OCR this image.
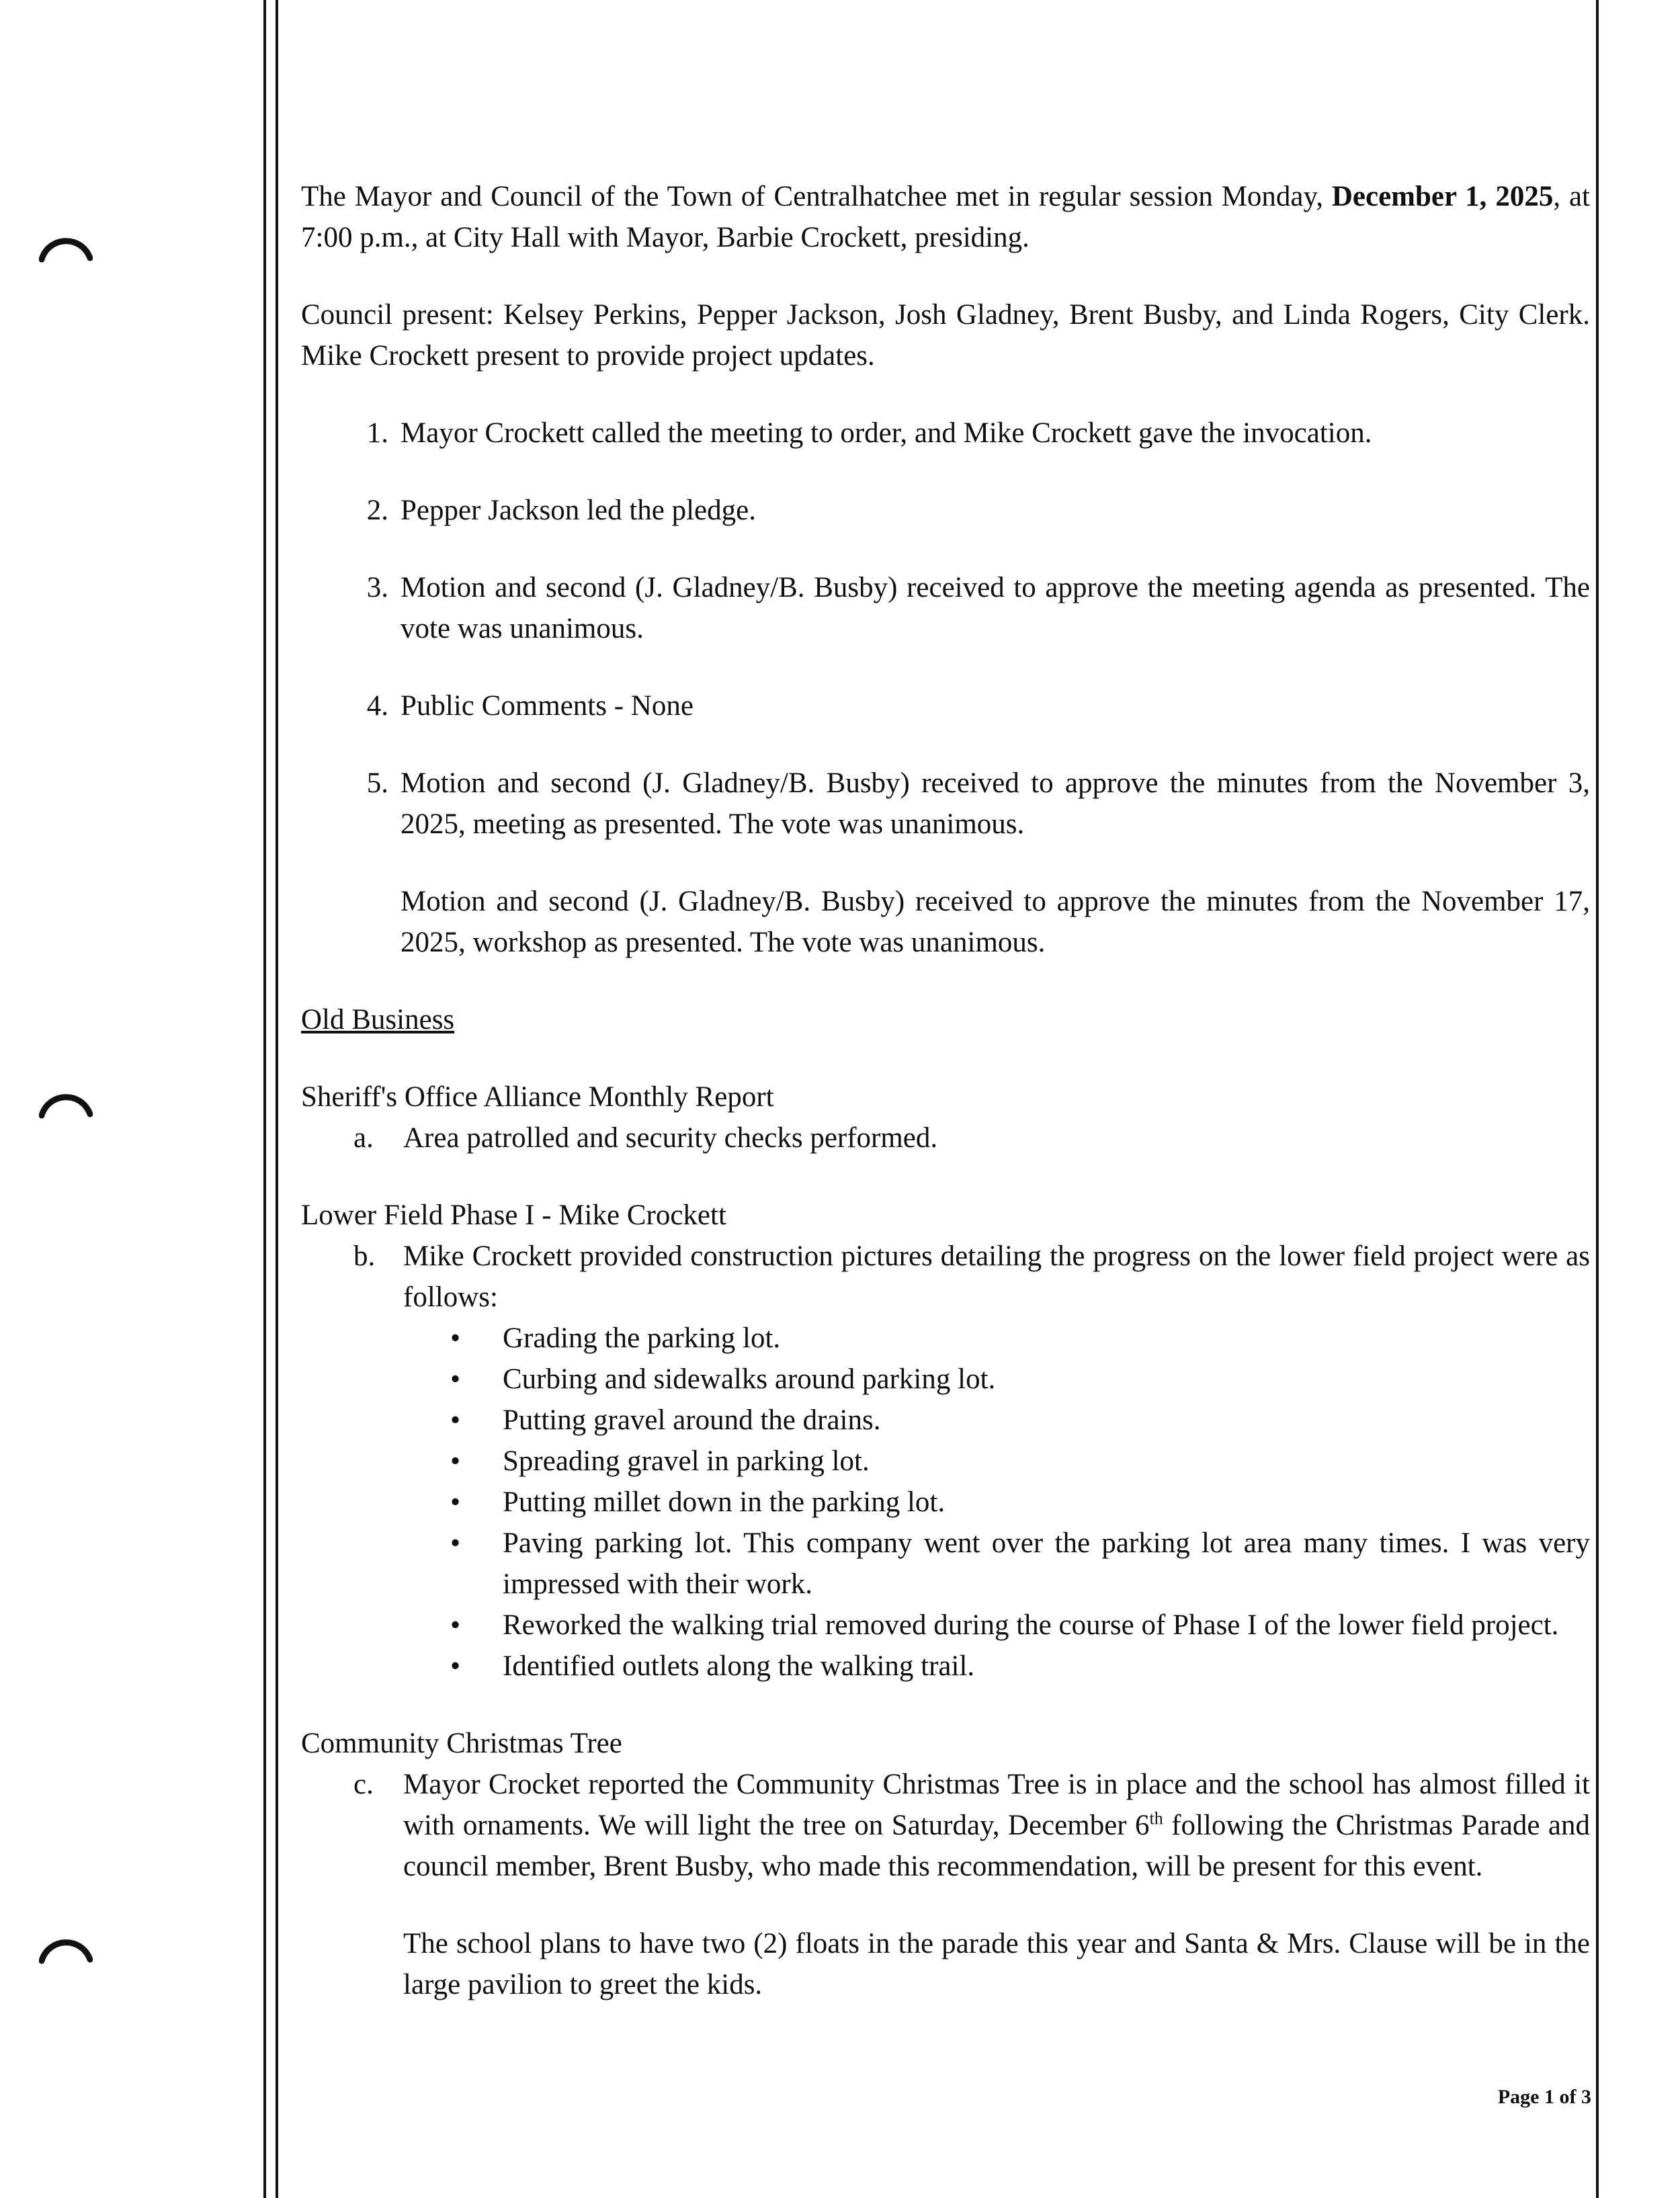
The Mayor and Council of the Town of Centralhatchee met in regular session Monday, December 1, 2025, at 7:00 p.m., at City Hall with Mayor, Barbie Crockett, presiding.

Council present: Kelsey Perkins, Pepper Jackson, Josh Gladney, Brent Busby, and Linda Rogers, City Clerk. Mike Crockett present to provide project updates.

1. Mayor Crockett called the meeting to order, and Mike Crockett gave the invocation.

2. Pepper Jackson led the pledge.

3. Motion and second (J. Gladney/B. Busby) received to approve the meeting agenda as presented. The vote was unanimous.

4. Public Comments - None

5. Motion and second (J. Gladney/B. Busby) received to approve the minutes from the November 3, 2025, meeting as presented. The vote was unanimous.

Motion and second (J. Gladney/B. Busby) received to approve the minutes from the November 17, 2025, workshop as presented. The vote was unanimous.

Old Business

Sheriff's Office Alliance Monthly Report

a. Area patrolled and security checks performed.

Lower Field Phase I - Mike Crockett

b. Mike Crockett provided construction pictures detailing the progress on the lower field project were as follows:

• Grading the parking lot.
• Curbing and sidewalks around parking lot.
• Putting gravel around the drains.
• Spreading gravel in parking lot.
• Putting millet down in the parking lot.
• Paving parking lot. This company went over the parking lot area many times. I was very impressed with their work.
• Reworked the walking trial removed during the course of Phase I of the lower field project.
• Identified outlets along the walking trail.

Community Christmas Tree

c. Mayor Crocket reported the Community Christmas Tree is in place and the school has almost filled it with ornaments. We will light the tree on Saturday, December 6th following the Christmas Parade and council member, Brent Busby, who made this recommendation, will be present for this event.

The school plans to have two (2) floats in the parade this year and Santa & Mrs. Clause will be in the large pavilion to greet the kids.

Page 1 of 3
